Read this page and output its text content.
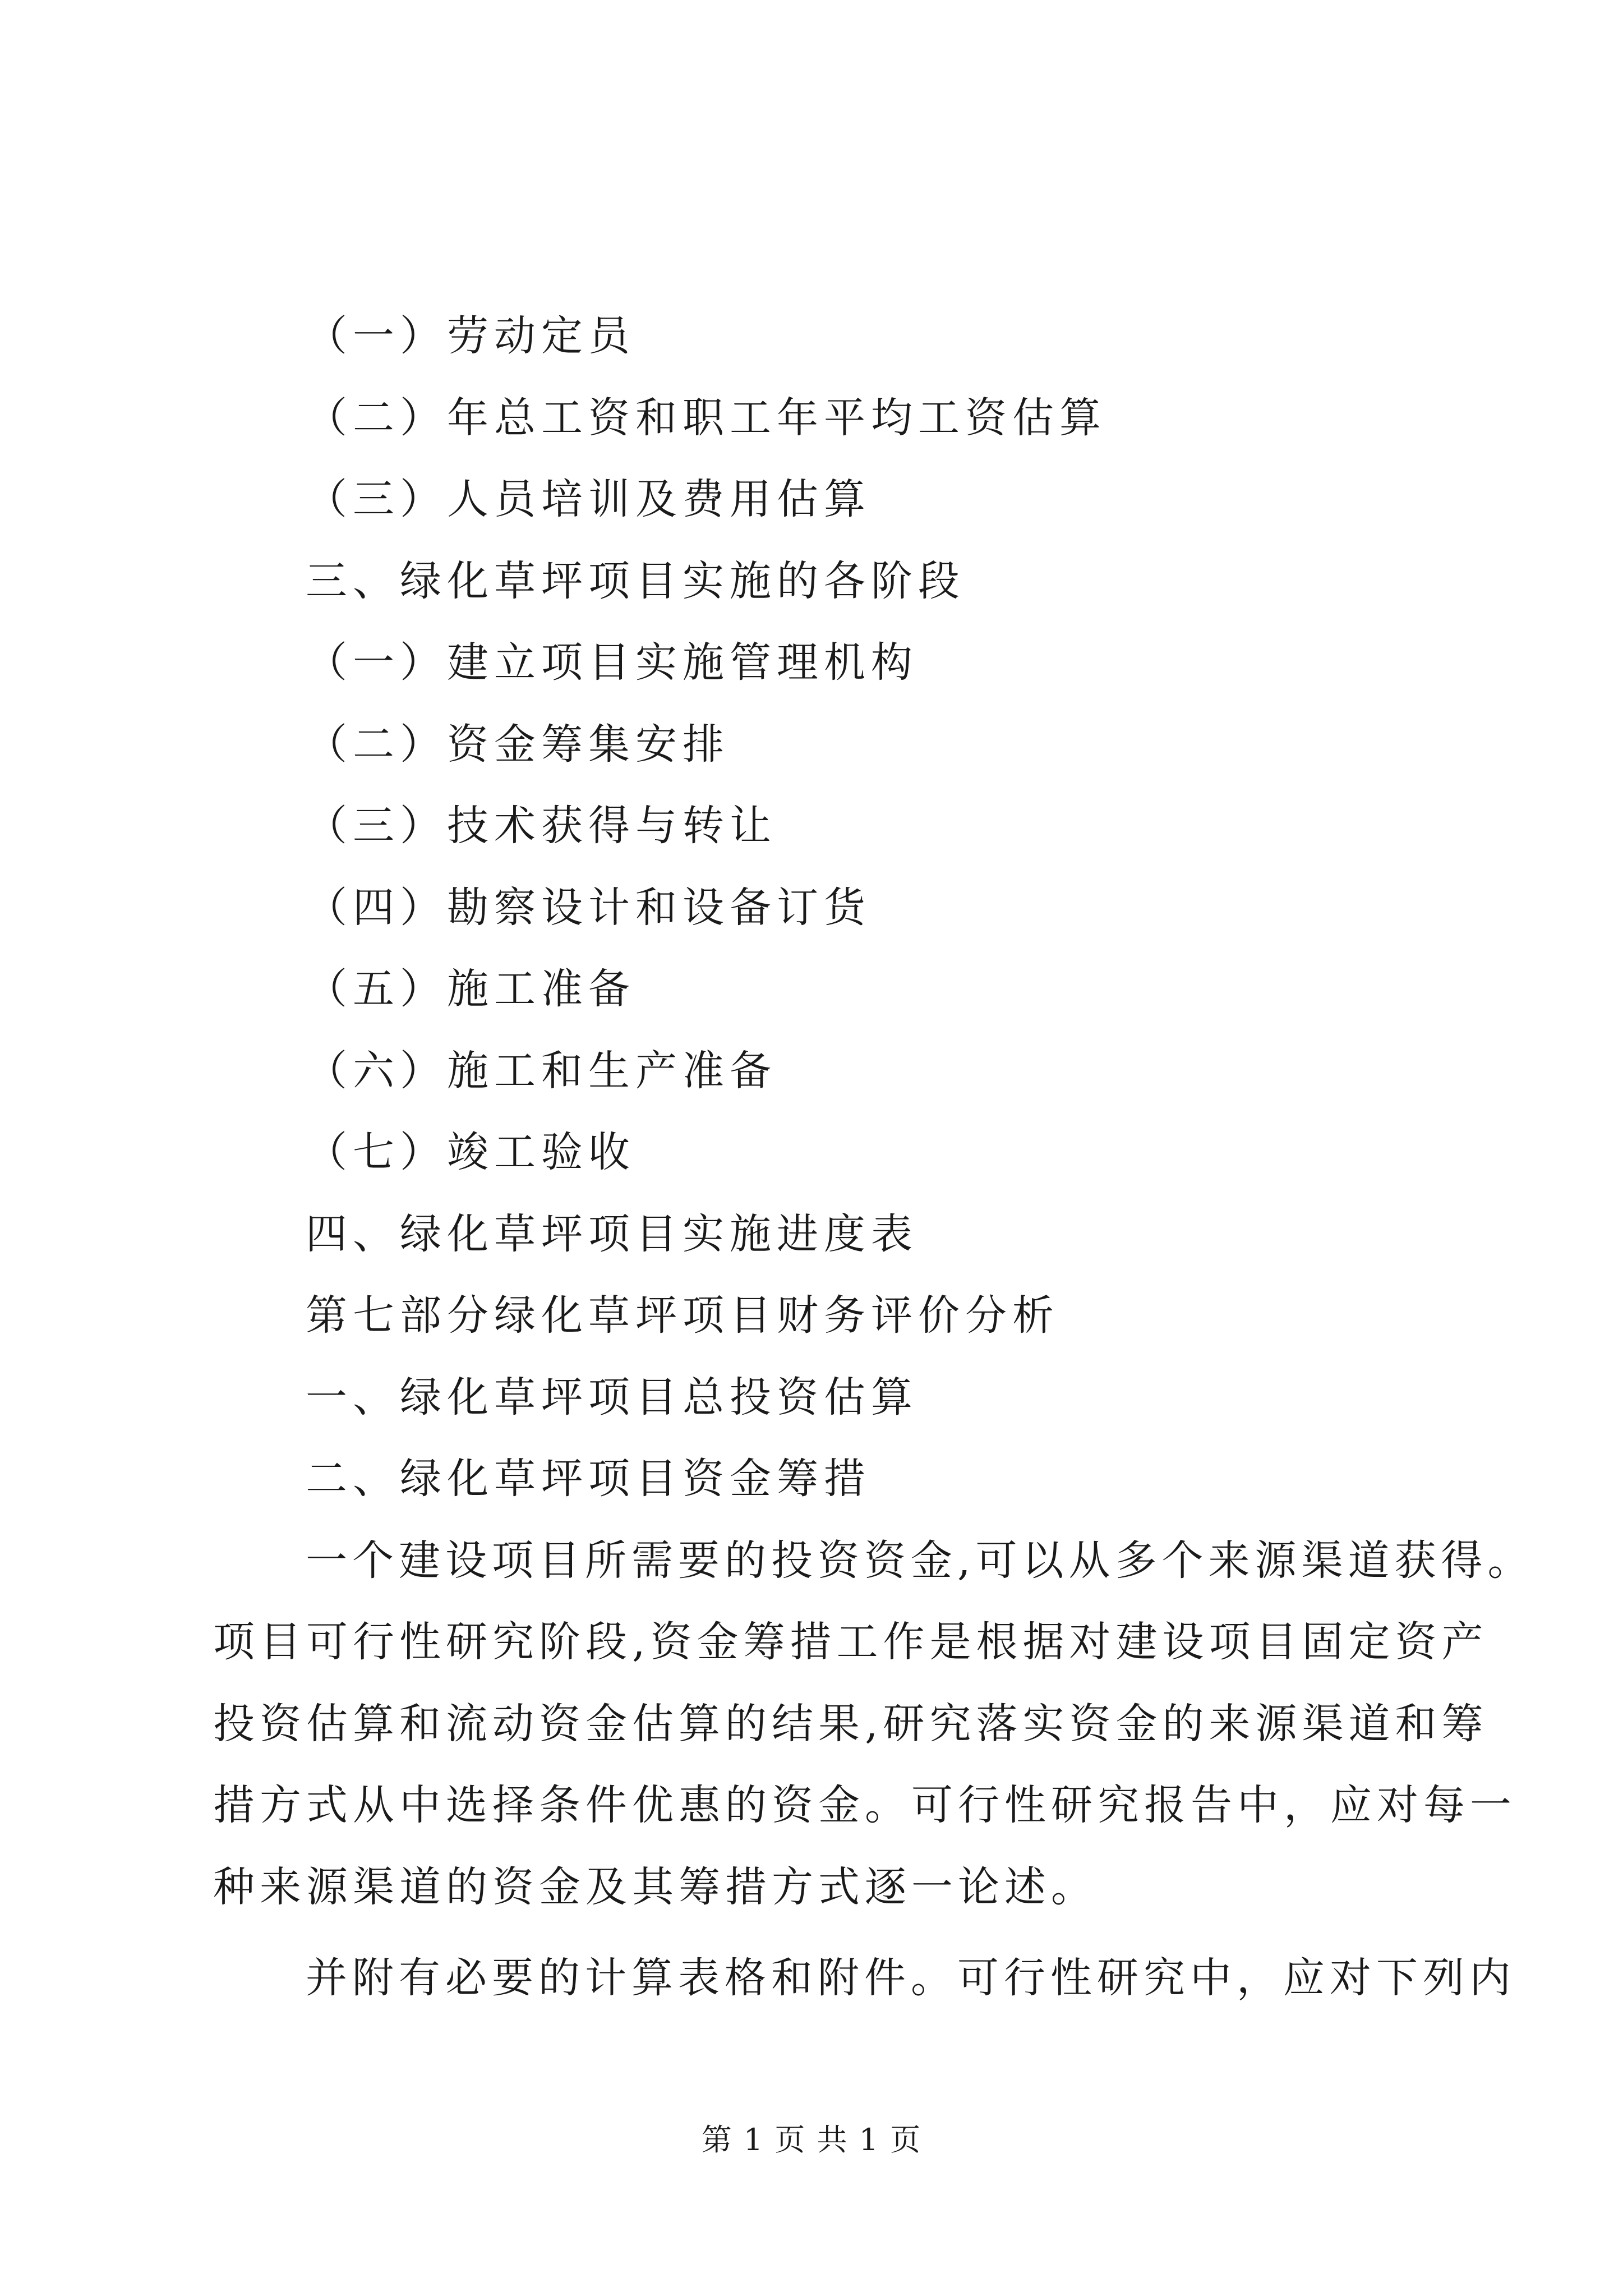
（一）劳动定员
（二）年总工资和职工年平均工资估算
（三）人员培训及费用估算
三、绿化草坪项目实施的各阶段
（一）建立项目实施管理机构
（二）资金筹集安排
（三）技术获得与转让
（四）勘察设计和设备订货
（五）施工准备
（六）施工和生产准备
（七）竣工验收
四、绿化草坪项目实施进度表
第七部分绿化草坪项目财务评价分析
一、绿化草坪项目总投资估算
二、绿化草坪项目资金筹措
一个建设项目所需要的投资资金,可以从多个来源渠道获得。
项目可行性研究阶段,资金筹措工作是根据对建设项目固定资产
投资估算和流动资金估算的结果,研究落实资金的来源渠道和筹
措方式从中选择条件优惠的资金。可行性研究报告中，应对每一
种来源渠道的资金及其筹措方式逐一论述。
并附有必要的计算表格和附件。可行性研究中，应对下列内
第 1 页 共 1 页
